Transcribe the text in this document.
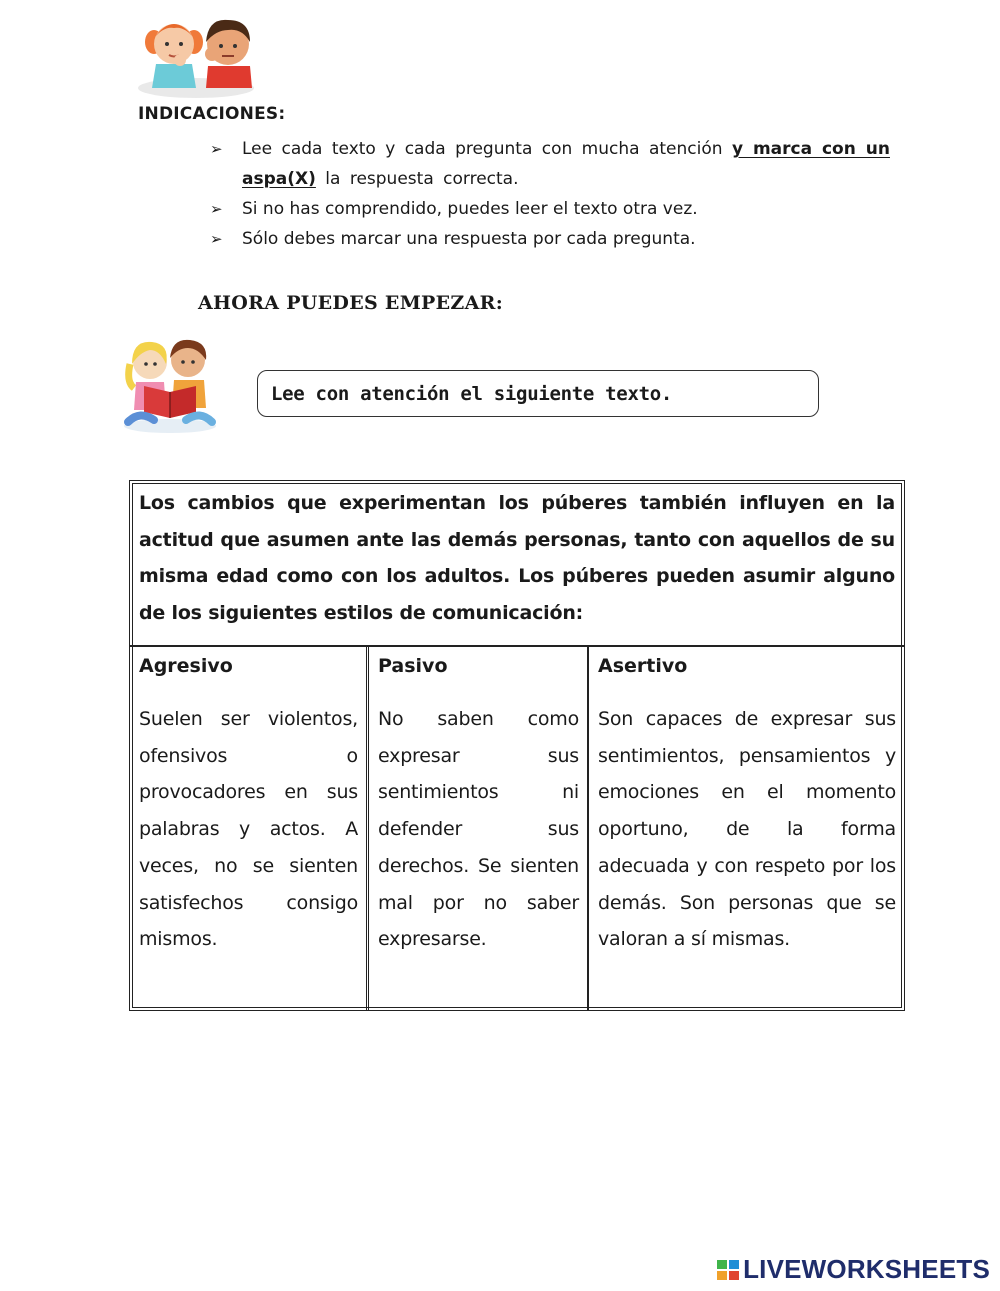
INDICACIONES:
➢ Lee cada texto y cada pregunta con mucha atención y marca con un
aspa(X) la respuesta correcta.
➢ Si no has comprendido, puedes leer el texto otra vez.
➢ Sólo debes marcar una respuesta por cada pregunta.
AHORA PUEDES EMPEZAR:
Lee con atención el siguiente texto.
Los cambios que experimentan los púberes también influyen en la actitud que asumen ante las demás personas, tanto con aquellos de su misma edad como con los adultos. Los púberes pueden asumir alguno de los siguientes estilos de comunicación:
Agresivo
Suelen ser violentos, ofensivos o provocadores en sus palabras y actos. A veces, no se sienten satisfechos consigo mismos.
Pasivo
No saben como expresar sus sentimientos ni defender sus derechos. Se sienten mal por no saber expresarse.
Asertivo
Son capaces de expresar sus sentimientos, pensamientos y emociones en el momento oportuno, de la forma adecuada y con respeto por los demás. Son personas que se valoran a sí mismas.
LIVEWORKSHEETS
